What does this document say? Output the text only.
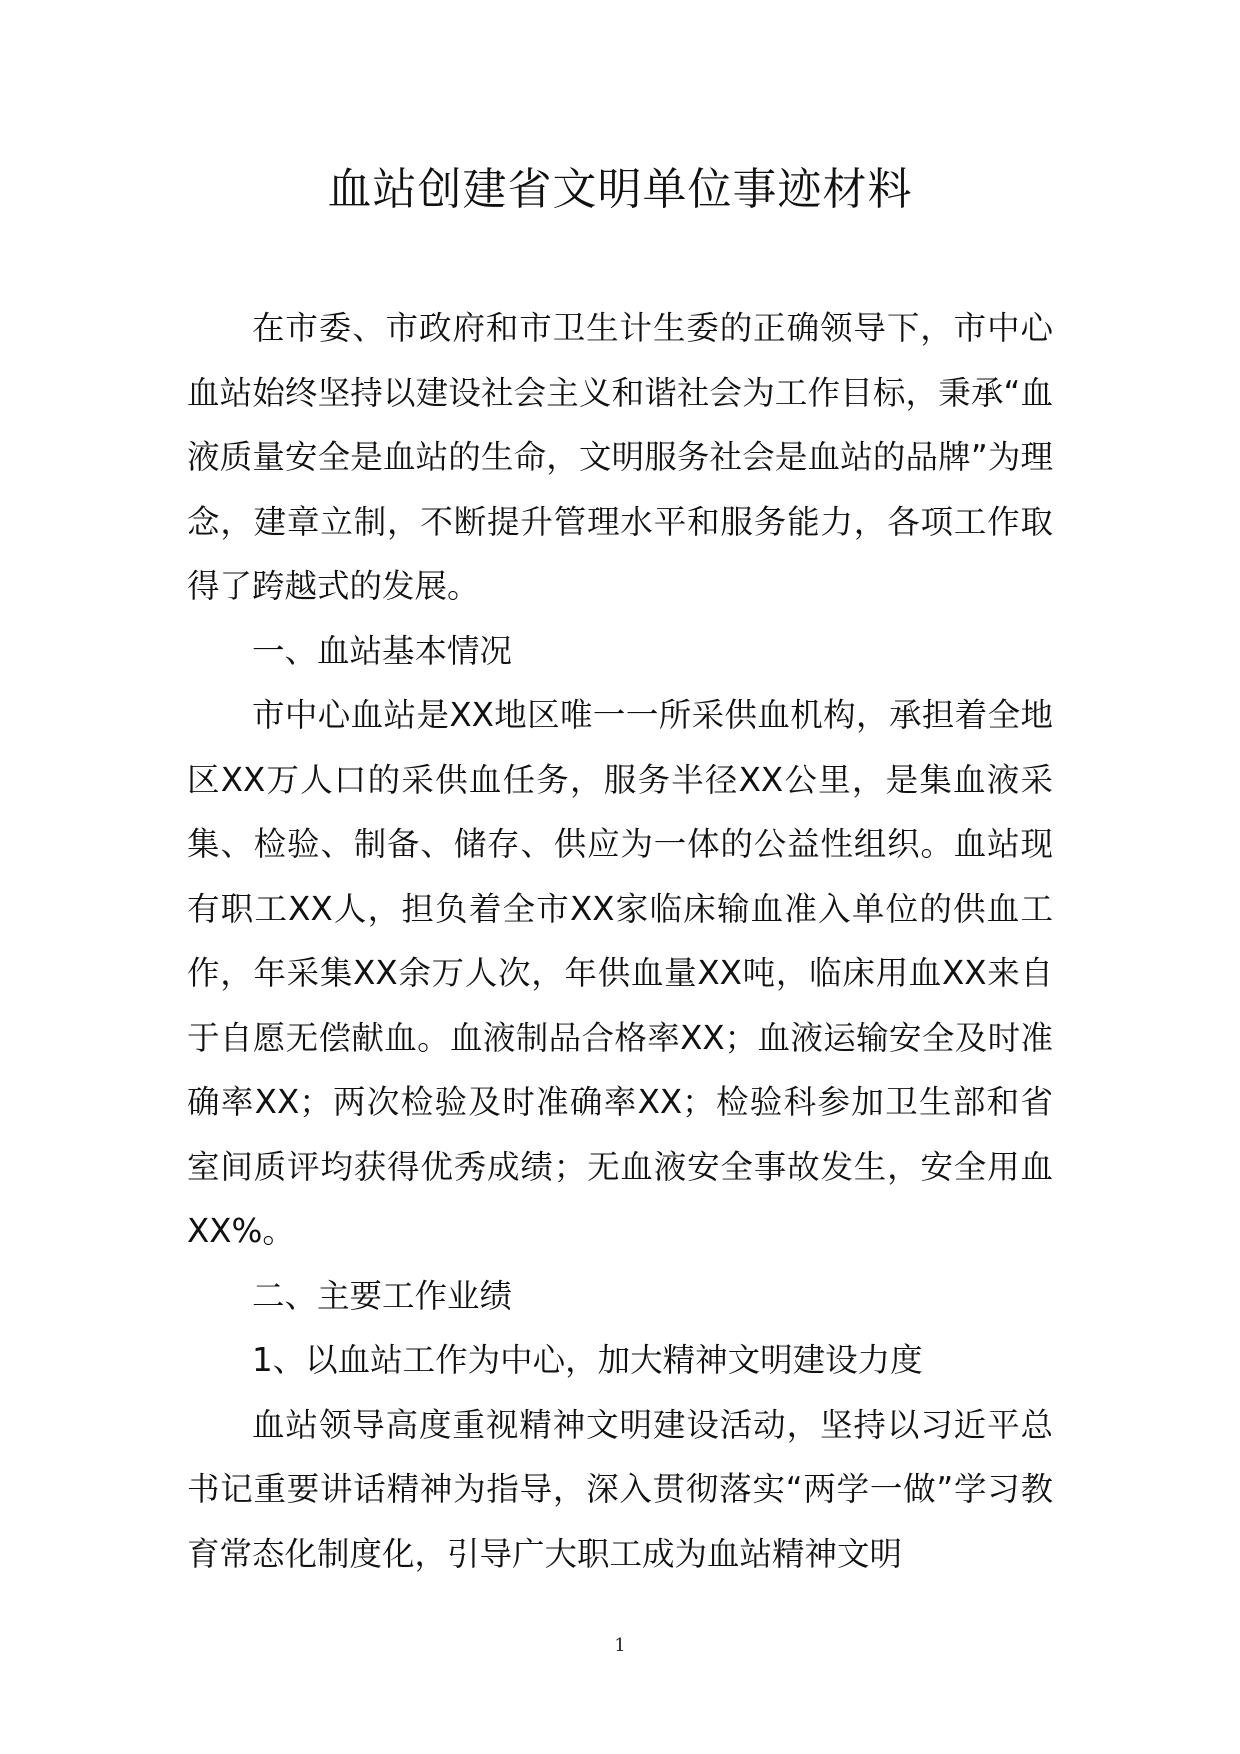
血站创建省文明单位事迹材料

在市委、市政府和市卫生计生委的正确领导下，市中心血站始终坚持以建设社会主义和谐社会为工作目标，秉承“血液质量安全是血站的生命，文明服务社会是血站的品牌”为理念，建章立制，不断提升管理水平和服务能力，各项工作取得了跨越式的发展。

一、血站基本情况

市中心血站是XX地区唯一一所采供血机构，承担着全地区XX万人口的采供血任务，服务半径XX公里，是集血液采集、检验、制备、储存、供应为一体的公益性组织。血站现有职工XX人，担负着全市XX家临床输血准入单位的供血工作，年采集XX余万人次，年供血量XX吨，临床用血XX来自于自愿无偿献血。血液制品合格率XX；血液运输安全及时准确率XX；两次检验及时准确率XX；检验科参加卫生部和省室间质评均获得优秀成绩；无血液安全事故发生，安全用血XX%。

二、主要工作业绩

1、以血站工作为中心，加大精神文明建设力度

血站领导高度重视精神文明建设活动，坚持以习近平总书记重要讲话精神为指导，深入贯彻落实“两学一做”学习教育常态化制度化，引导广大职工成为血站精神文明

1
